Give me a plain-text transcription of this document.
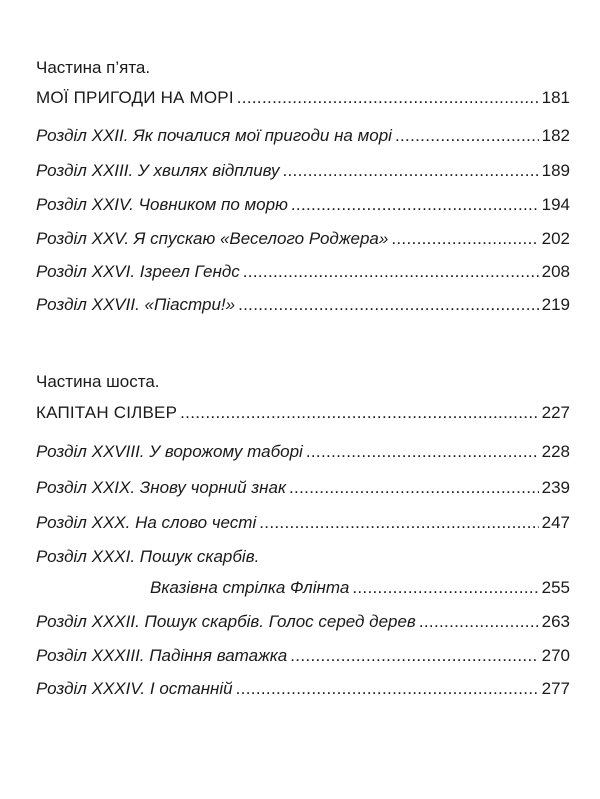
Частина п’ята.
МОЇ ПРИГОДИ НА МОРІ . . .	181
Розділ XXII. Як почалися мої пригоди на морі . . .	182
Розділ XXIII. У хвилях відпливу . . .	189
Розділ XXIV. Човником по морю . . .	194
Розділ XXV. Я спускаю «Веселого Роджера» . . .	202
Розділ XXVI. Ізреел Гендс . . .	208
Розділ XXVII. «Піастри!» . . .	219
Частина шоста.
КАПІТАН СІЛВЕР . . .	227
Розділ XXVIII. У ворожому таборі . . .	228
Розділ XXIX. Знову чорний знак . . .	239
Розділ XXX. На слово честі . . .	247
Розділ XXXI. Пошук скарбів.
Вказівна стрілка Флінта . . .	255
Розділ XXXII. Пошук скарбів. Голос серед дерев . . .	263
Розділ XXXIII. Падіння ватажка . . .	270
Розділ XXXIV. І останній . . .	277
